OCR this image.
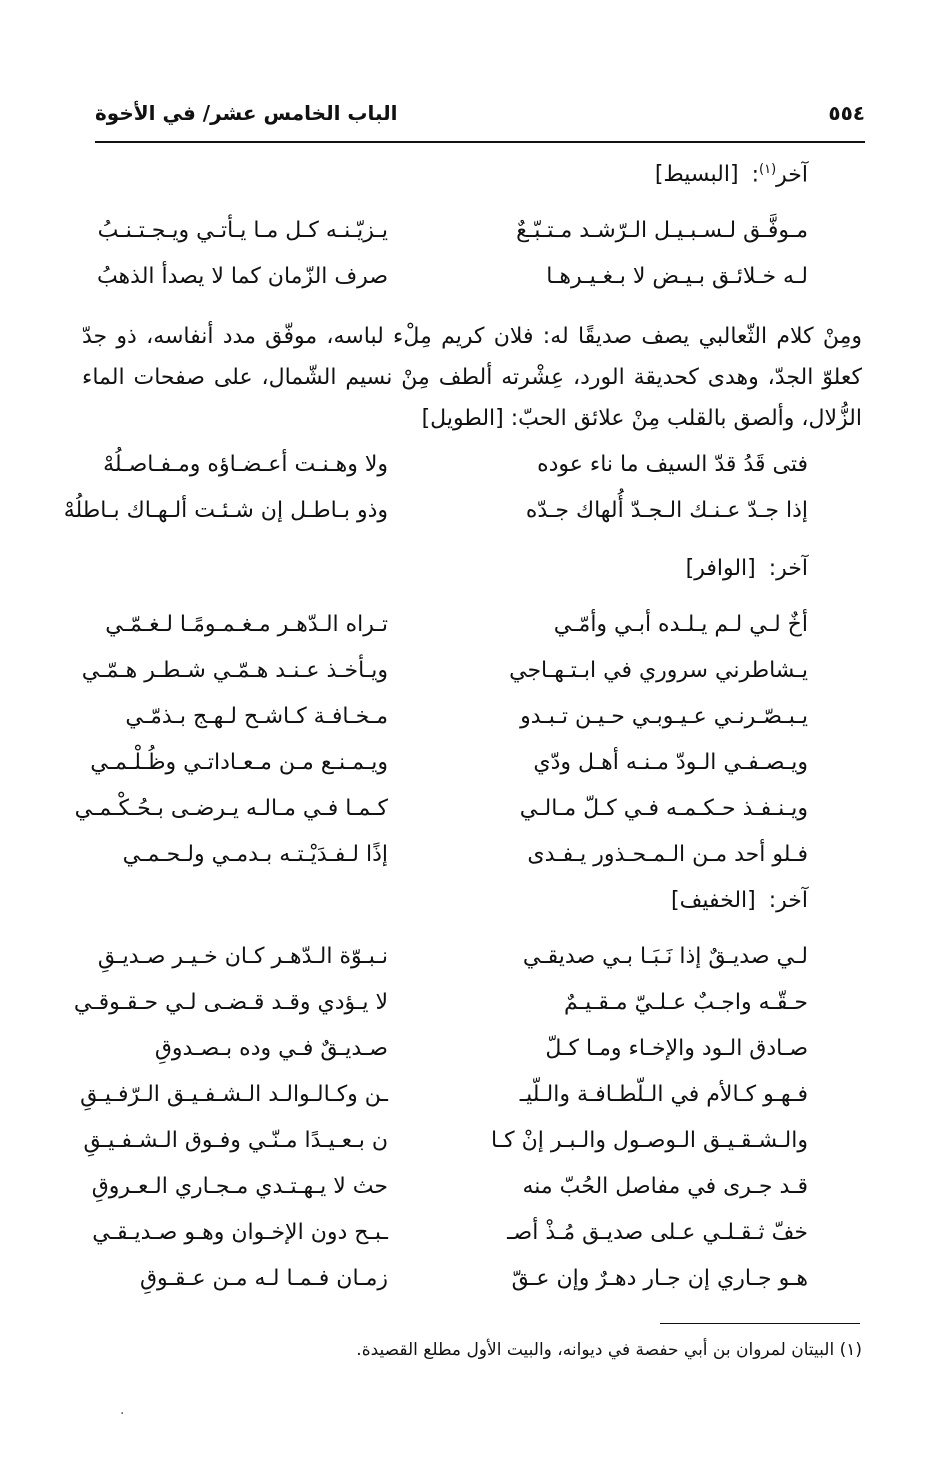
٥٥٤
الباب الخامس عشر/ في الأخوة
آخر$^{(١)}$: [البسيط]
مـوفَّـق لـسـبـيـل الـرّشـد مـتـبّـعٌ
يـزيّـنـه كـل مـا يـأتـي ويـجـتـنـبُ
لـه خـلائـق بـيـض لا بـغـيـرهـا
صرف الزّمان كما لا يصدأ الذهبُ
ومِنْ كلام الثّعالبي يصف صديقًا له: فلان كريم مِلْء لباسه، موفّق مدد أنفاسه، ذو جدّ كعلوّ الجدّ، وهدى كحديقة الورد، عِشْرته ألطف مِنْ نسيم الشّمال، على صفحات الماء الزُّلال، وألصق بالقلب مِنْ علائق الحبّ: [الطويل]
فتى قَدُ قدّ السيف ما ناء عوده
ولا وهـنـت أعـضـاؤه ومـفـاصـلُهْ
إذا جـدّ عـنـك الـجـدّ أُلهاك جـدّه
وذو بـاطـل إن شـئـت ألـهـاك بـاطلُهْ
آخر: [الوافر]
أخٌ لـي لـم يـلـده أبـي وأمّـي
تـراه الـدّهـر مـغـمـومًـا لـغـمّـي
يـشاطرني سروري في ابـتـهـاجي
ويـأخـذ عـنـد هـمّـي شـطـر هـمّـي
يـبـصّـرنـي عـيـوبـي حـيـن تـبـدو
مـخـافـة كـاشـح لـهـج بـذمّـي
ويـصـفـي الـودّ مـنـه أهـل ودّي
ويـمـنـع مـن مـعـاداتـي وظُـلْـمـي
ويـنـفـذ حـكـمـه فـي كـلّ مـالـي
كـمـا فـي مـالـه يـرضـى بـحُـكْـمـي
فـلو أحد مـن الـمـحـذور يـفـدى
إذًا لـفـدَيْـتـه بـدمـي ولـحـمـي
آخر: [الخفيف]
لـي صديـقٌ إذا نَـبَـا بـي صديقـي
نـبـوّة الـدّهـر كـان خـيـر صـديـقِ
حـقّـه واجـبٌ عـلـيّ مـقـيـمٌ
لا يـؤدي وقـد قـضـى لـي حـقـوقـي
صـادق الـود والإخـاء ومـا كـلّ
صـديـقٌ فـي وده بـصـدوقِ
فـهـو كـالأم في الـلّطـافـة والـلّيـ
ـن وكـالـوالـد الـشـفـيـق الـرّفـيـقِ
والـشـقـيـق الـوصـول والـبـر إنْ كـا
ن بـعـيـدًا مـنّـي وفـوق الـشـفـيـقِ
قـد جـرى في مفاصل الحُبّ منه
حث لا يـهـتـدي مـجـاري الـعـروقِ
خفّ ثـقـلـي عـلى صديـق مُـذْ أصـ
ـبـح دون الإخـوان وهـو صـديـقـي
هـو جـاري إن جـار دهـرٌ وإن عـقّ
زمـان فـمـا لـه مـن عـقـوقِ
(١) البيتان لمروان بن أبي حفصة في ديوانه، والبيت الأول مطلع القصيدة.
·
